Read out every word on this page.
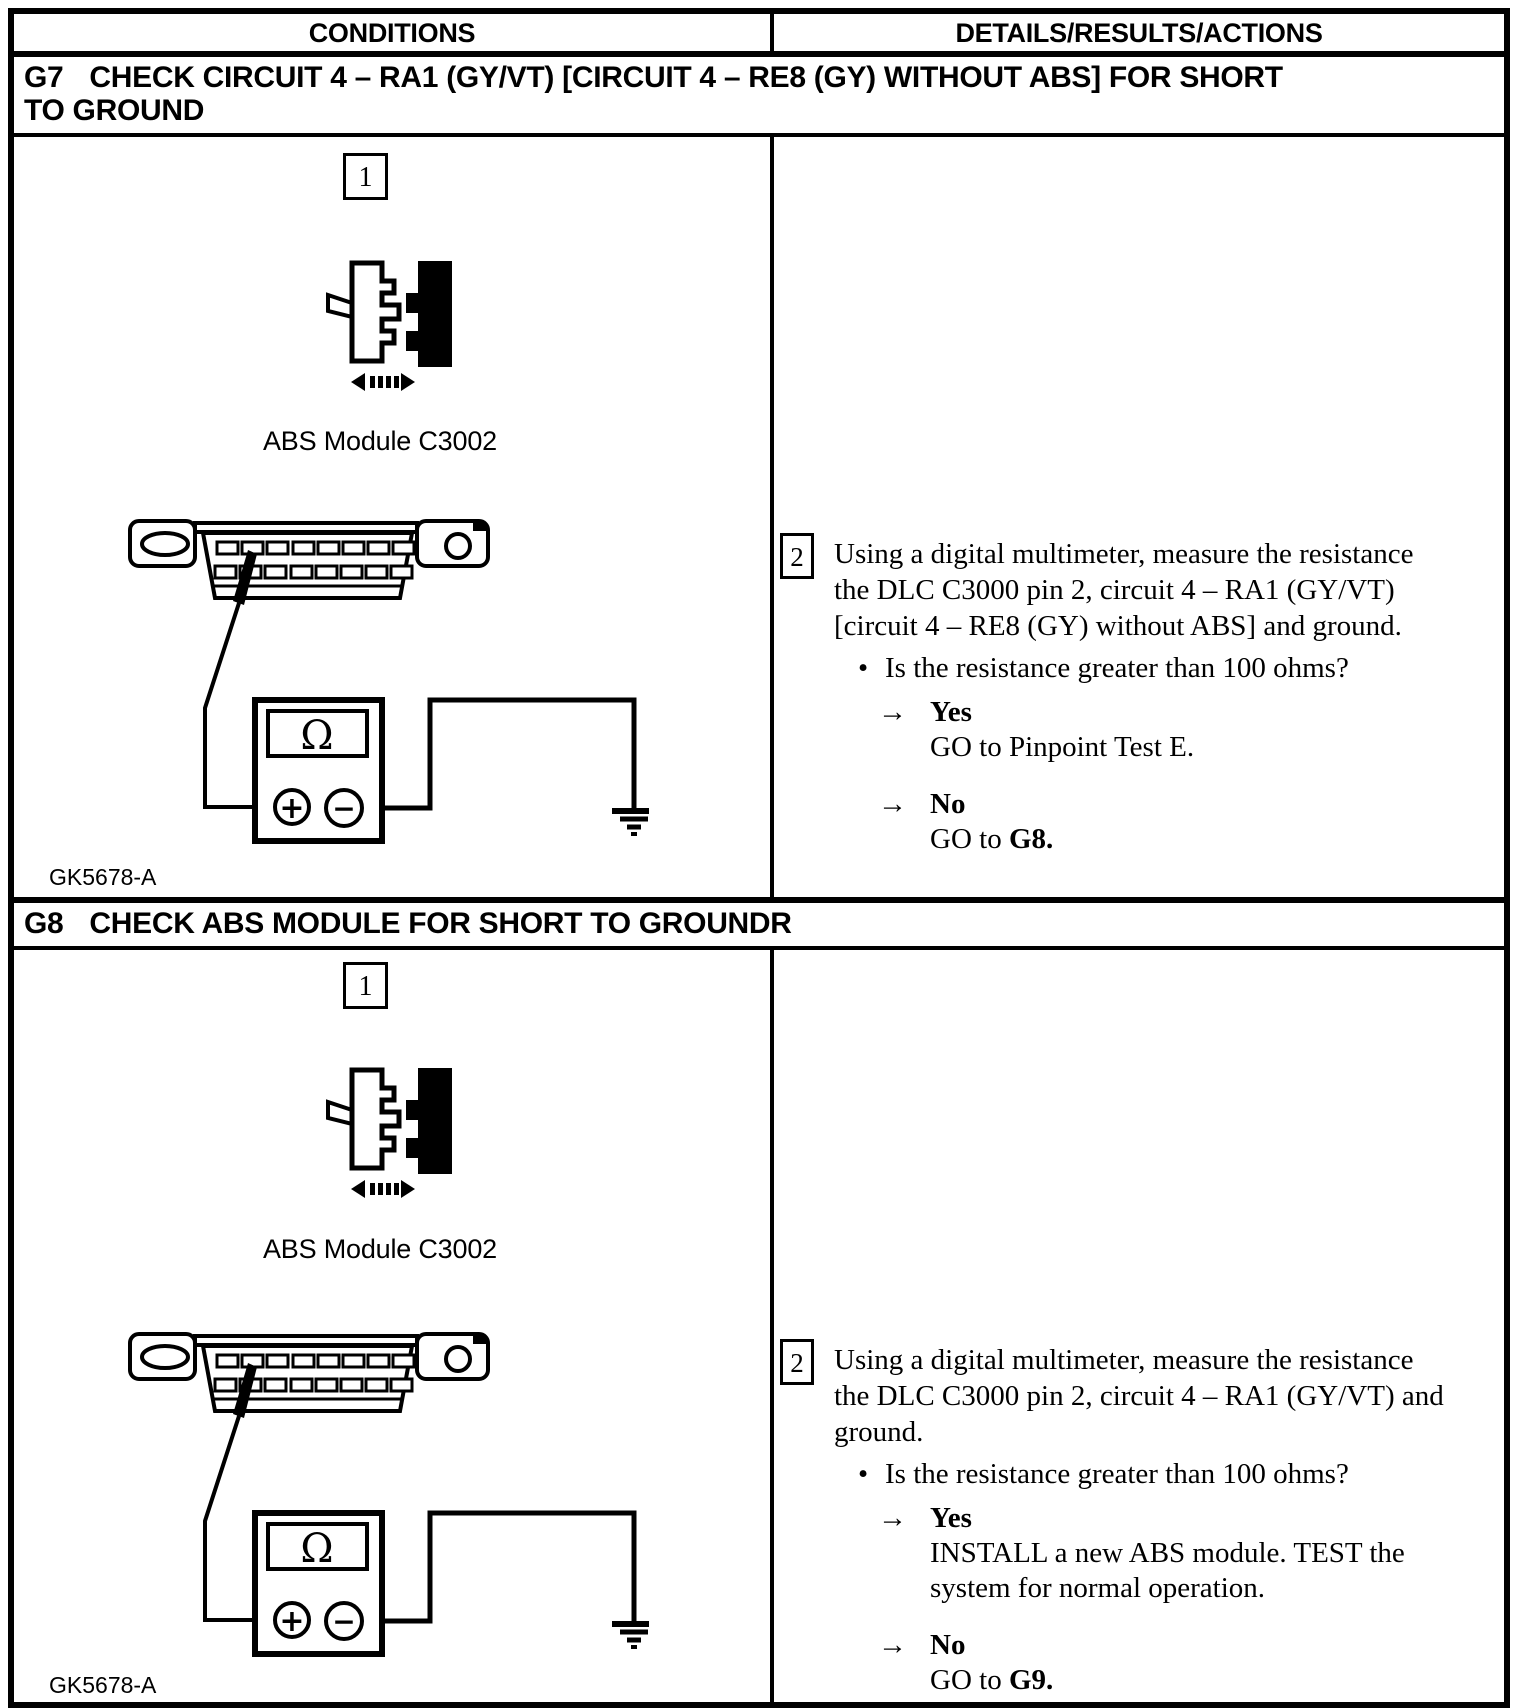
CONDITIONS	DETAILS/RESULTS/ACTIONS
G7 CHECK CIRCUIT 4 – RA1 (GY/VT) [CIRCUIT 4 – RE8 (GY) WITHOUT ABS] FOR SHORT TO GROUND
1
ABS Module C3002
Ω
+ −
GK5678-A
2	Using a digital multimeter, measure the resistance the DLC C3000 pin 2, circuit 4 – RA1 (GY/VT) [circuit 4 – RE8 (GY) without ABS] and ground.
• Is the resistance greater than 100 ohms?
→ Yes
GO to Pinpoint Test E.
→ No
GO to G8.
G8 CHECK ABS MODULE FOR SHORT TO GROUNDR
1
ABS Module C3002
Ω
+ −
GK5678-A
2	Using a digital multimeter, measure the resistance the DLC C3000 pin 2, circuit 4 – RA1 (GY/VT) and ground.
• Is the resistance greater than 100 ohms?
→ Yes
INSTALL a new ABS module. TEST the system for normal operation.
→ No
GO to G9.
